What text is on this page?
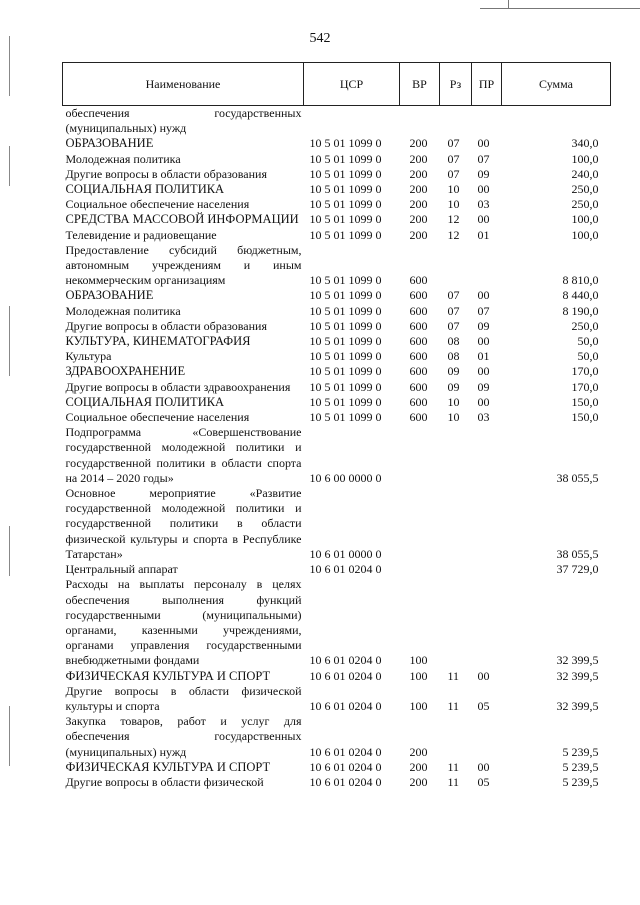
542
Наименование	ЦСР	ВР	Рз	ПР	Сумма
обеспечения государственных (муниципальных) нужд					
ОБРАЗОВАНИЕ	10 5 01 1099 0	200	07	00	340,0
Молодежная политика	10 5 01 1099 0	200	07	07	100,0
Другие вопросы в области образования	10 5 01 1099 0	200	07	09	240,0
СОЦИАЛЬНАЯ ПОЛИТИКА	10 5 01 1099 0	200	10	00	250,0
Социальное обеспечение населения	10 5 01 1099 0	200	10	03	250,0
СРЕДСТВА МАССОВОЙ ИНФОРМАЦИИ	10 5 01 1099 0	200	12	00	100,0
Телевидение и радиовещание	10 5 01 1099 0	200	12	01	100,0
Предоставление субсидий бюджетным, автономным учреждениям и иным некоммерческим организациям	10 5 01 1099 0	600			8 810,0
ОБРАЗОВАНИЕ	10 5 01 1099 0	600	07	00	8 440,0
Молодежная политика	10 5 01 1099 0	600	07	07	8 190,0
Другие вопросы в области образования	10 5 01 1099 0	600	07	09	250,0
КУЛЬТУРА, КИНЕМАТОГРАФИЯ	10 5 01 1099 0	600	08	00	50,0
Культура	10 5 01 1099 0	600	08	01	50,0
ЗДРАВООХРАНЕНИЕ	10 5 01 1099 0	600	09	00	170,0
Другие вопросы в области здравоохранения	10 5 01 1099 0	600	09	09	170,0
СОЦИАЛЬНАЯ ПОЛИТИКА	10 5 01 1099 0	600	10	00	150,0
Социальное обеспечение населения	10 5 01 1099 0	600	10	03	150,0
Подпрограмма «Совершенствование государственной молодежной политики и государственной политики в области спорта на 2014 – 2020 годы»	10 6 00 0000 0				38 055,5
Основное мероприятие «Развитие государственной молодежной политики и государственной политики в области физической культуры и спорта в Республике Татарстан»	10 6 01 0000 0				38 055,5
Центральный аппарат	10 6 01 0204 0				37 729,0
Расходы на выплаты персоналу в целях обеспечения выполнения функций государственными (муниципальными) органами, казенными учреждениями, органами управления государственными внебюджетными фондами	10 6 01 0204 0	100			32 399,5
ФИЗИЧЕСКАЯ КУЛЬТУРА И СПОРТ	10 6 01 0204 0	100	11	00	32 399,5
Другие вопросы в области физической культуры и спорта	10 6 01 0204 0	100	11	05	32 399,5
Закупка товаров, работ и услуг для обеспечения государственных (муниципальных) нужд	10 6 01 0204 0	200			5 239,5
ФИЗИЧЕСКАЯ КУЛЬТУРА И СПОРТ	10 6 01 0204 0	200	11	00	5 239,5
Другие вопросы в области физической	10 6 01 0204 0	200	11	05	5 239,5
